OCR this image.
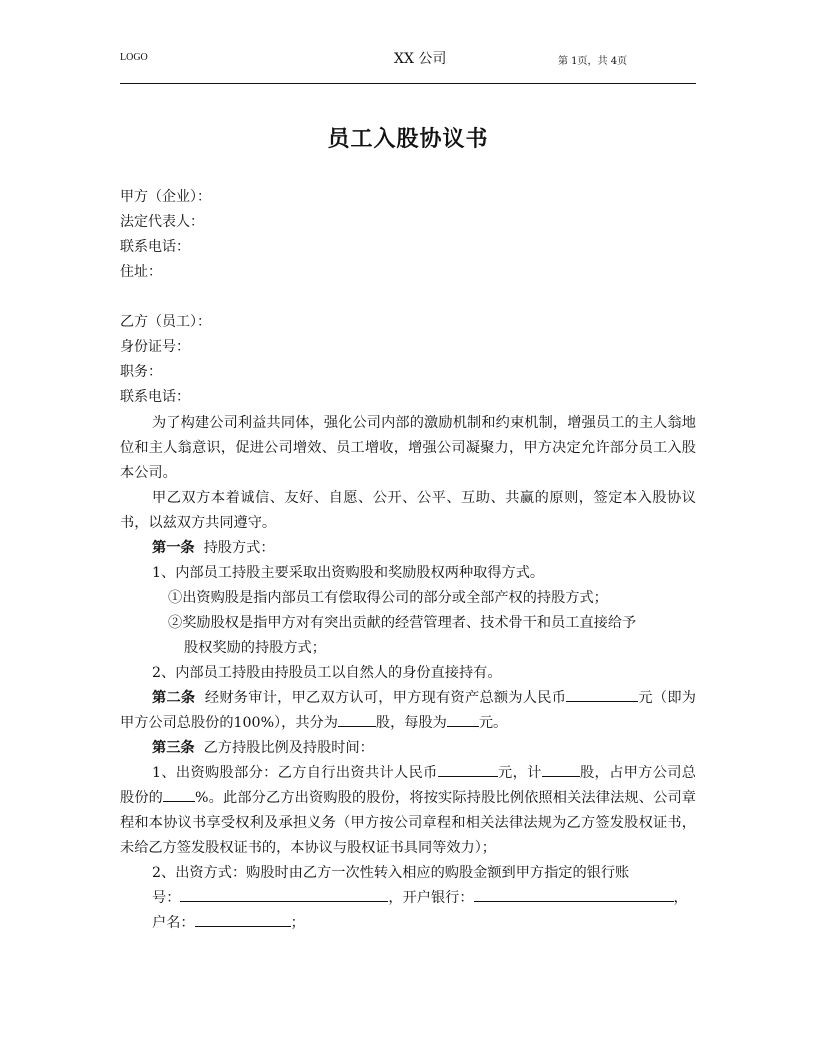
LOGO	XX 公司	第 1页，共 4页
员工入股协议书
甲方（企业）：
法定代表人：
联系电话：
住址：
乙方（员工）：
身份证号：
职务：
联系电话：

为了构建公司利益共同体，强化公司内部的激励机制和约束机制，增强员工的主人翁地位和主人翁意识，促进公司增效、员工增收，增强公司凝聚力，甲方决定允许部分员工入股本公司。

甲乙双方本着诚信、友好、自愿、公开、公平、互助、共赢的原则，签定本入股协议书，以兹双方共同遵守。

第一条 持股方式：

1、内部员工持股主要采取出资购股和奖励股权两种取得方式。

①出资购股是指内部员工有偿取得公司的部分或全部产权的持股方式；

②奖励股权是指甲方对有突出贡献的经营管理者、技术骨干和员工直接给予

股权奖励的持股方式；

2、内部员工持股由持股员工以自然人的身份直接持有。

第二条 经财务审计，甲乙双方认可，甲方现有资产总额为人民币	元（即为甲方公司总股份的100%），共分为	股，每股为 元。

第三条 乙方持股比例及持股时间：

1、出资购股部分：乙方自行出资共计人民币	元，计	股，占甲方公司总股份的 %。此部分乙方出资购股的股份，将按实际持股比例依照相关法律法规、公司章程和本协议书享受权利及承担义务（甲方按公司章程和相关法律法规为乙方签发股权证书，未给乙方签发股权证书的，本协议与股权证书具同等效力）；

2、出资方式：购股时由乙方一次性转入相应的购股金额到甲方指定的银行账

号：	，开户银行：	，

户名：	；
